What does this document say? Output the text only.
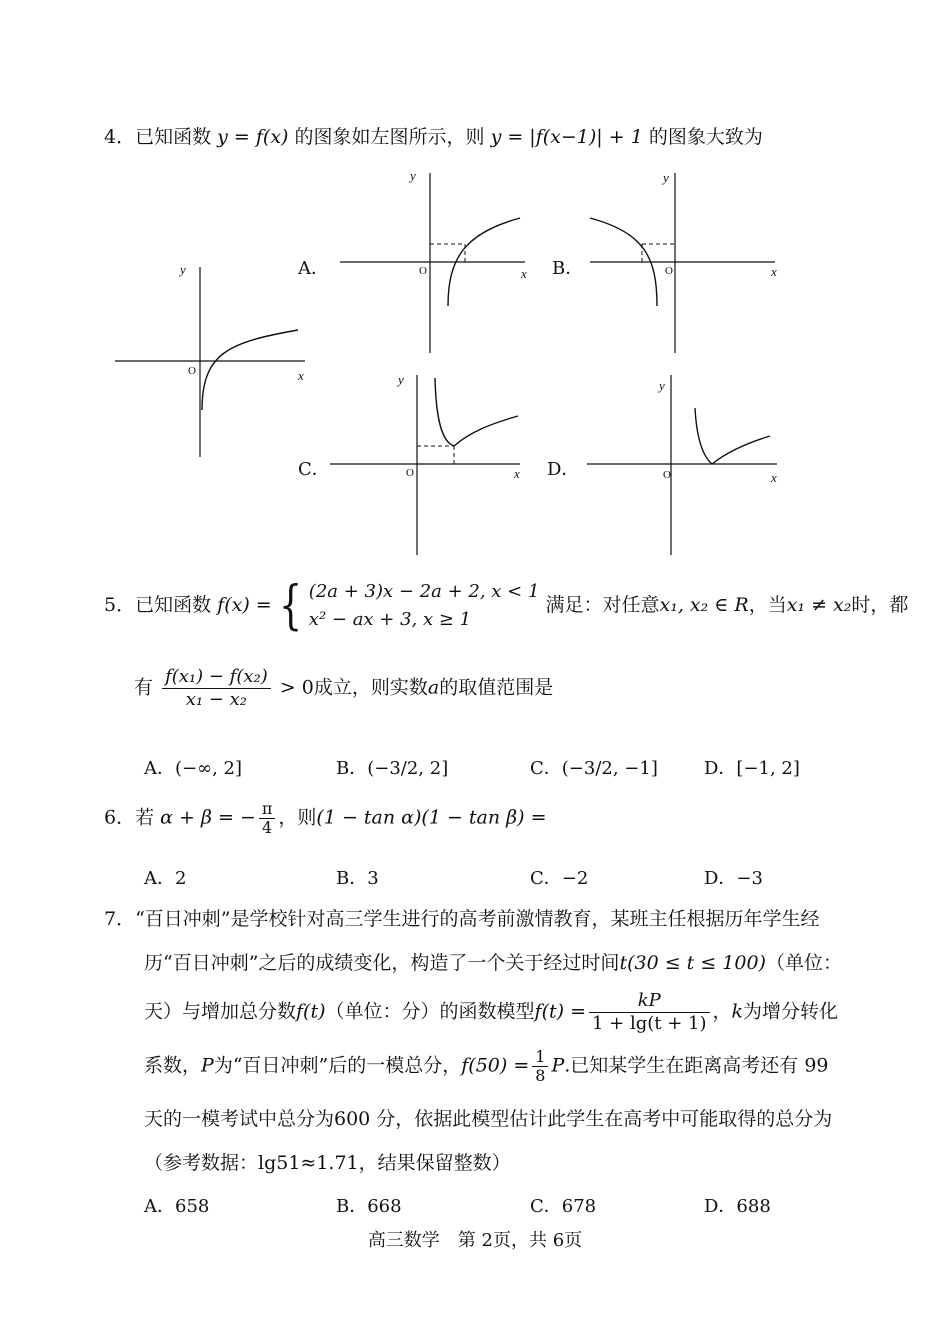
4．已知函数 y = f(x) 的图象如左图所示，则 y = |f(x−1)| + 1 的图象大致为
y
x
O
A．
y
x
O	B．
y
x
O
C．
y
x
O	D．
y
x
O
5．已知函数 f(x) = { (2a + 3)x − 2a + 2, x < 1
x² − ax + 3, x ≥ 1
满足：对任意x₁, x₂ ∈ R，当x₁ ≠ x₂时，都
有 $\frac{\text{f(x₁) − f(x₂)}}{\text{x₁ − x₂}} > 0$成立，则实数a的取值范围是
A．(−∞, 2]	B．(−3/2, 2]	C．(−3/2, −1]	D．[−1, 2]
6．若 α + β = − $\frac{\pi}{4}$ ，则(1 − tan α)(1 − tan β) =
A．2	B．3	C．−2	D．−3
7．“百日冲刺”是学校针对高三学生进行的高考前激情教育，某班主任根据历年学生经
历“百日冲刺”之后的成绩变化，构造了一个关于经过时间t(30 ≤ t ≤ 100)（单位：
天）与增加总分数f(t)（单位：分）的函数模型$f(t) = \frac{kP}{1 + \lg(t + 1)}$ ，k为增分转化
系数，P为“百日冲刺”后的一模总分，$f(50) = \frac{1}{8} P$.已知某学生在距离高考还有 99
天的一模考试中总分为600 分，依据此模型估计此学生在高考中可能取得的总分为
（参考数据：lg51≈1.71，结果保留整数）
A．658	B．668	C．678	D．688
高三数学　第 2页，共 6页
